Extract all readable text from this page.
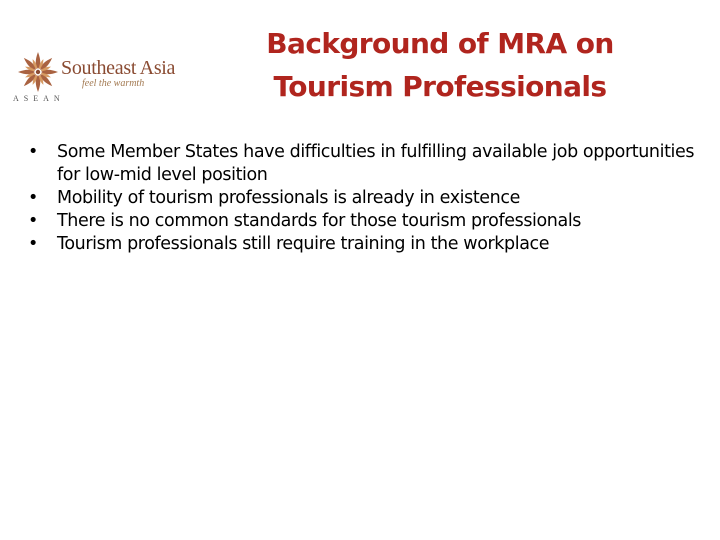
Southeast Asia
feel the warmth
ASEAN
Background of MRA on
Tourism Professionals
• Some Member States have difficulties in fulfilling available job opportunities for low-mid level position
• Mobility of tourism professionals is already in existence
• There is no common standards for those tourism professionals
• Tourism professionals still require training in the workplace
